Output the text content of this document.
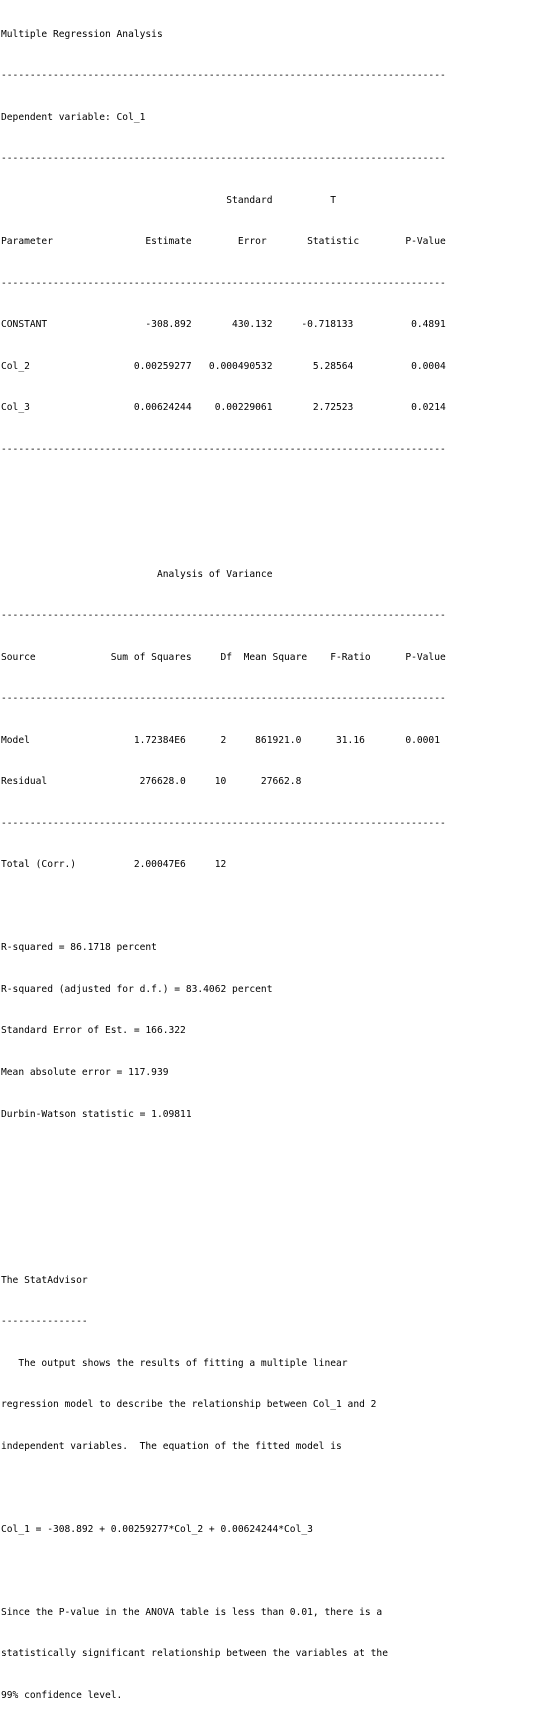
Multiple Regression Analysis

-----------------------------------------------------------------------------

Dependent variable: Col_1

-----------------------------------------------------------------------------

Standard          T

Parameter                Estimate        Error       Statistic        P-Value

-----------------------------------------------------------------------------

CONSTANT                 -308.892       430.132     -0.718133          0.4891

Col_2                  0.00259277   0.000490532       5.28564          0.0004

Col_3                  0.00624244    0.00229061       2.72523          0.0214

-----------------------------------------------------------------------------

Analysis of Variance

-----------------------------------------------------------------------------

Source             Sum of Squares     Df  Mean Square    F-Ratio      P-Value

-----------------------------------------------------------------------------

Model                  1.72384E6      2     861921.0      31.16       0.0001

Residual                276628.0     10      27662.8

-----------------------------------------------------------------------------

Total (Corr.)          2.00047E6     12

R-squared = 86.1718 percent

R-squared (adjusted for d.f.) = 83.4062 percent

Standard Error of Est. = 166.322

Mean absolute error = 117.939

Durbin-Watson statistic = 1.09811

The StatAdvisor

---------------

The output shows the results of fitting a multiple linear

regression model to describe the relationship between Col_1 and 2

independent variables.  The equation of the fitted model is

Col_1 = -308.892 + 0.00259277*Col_2 + 0.00624244*Col_3

Since the P-value in the ANOVA table is less than 0.01, there is a

statistically significant relationship between the variables at the

99% confidence level.
